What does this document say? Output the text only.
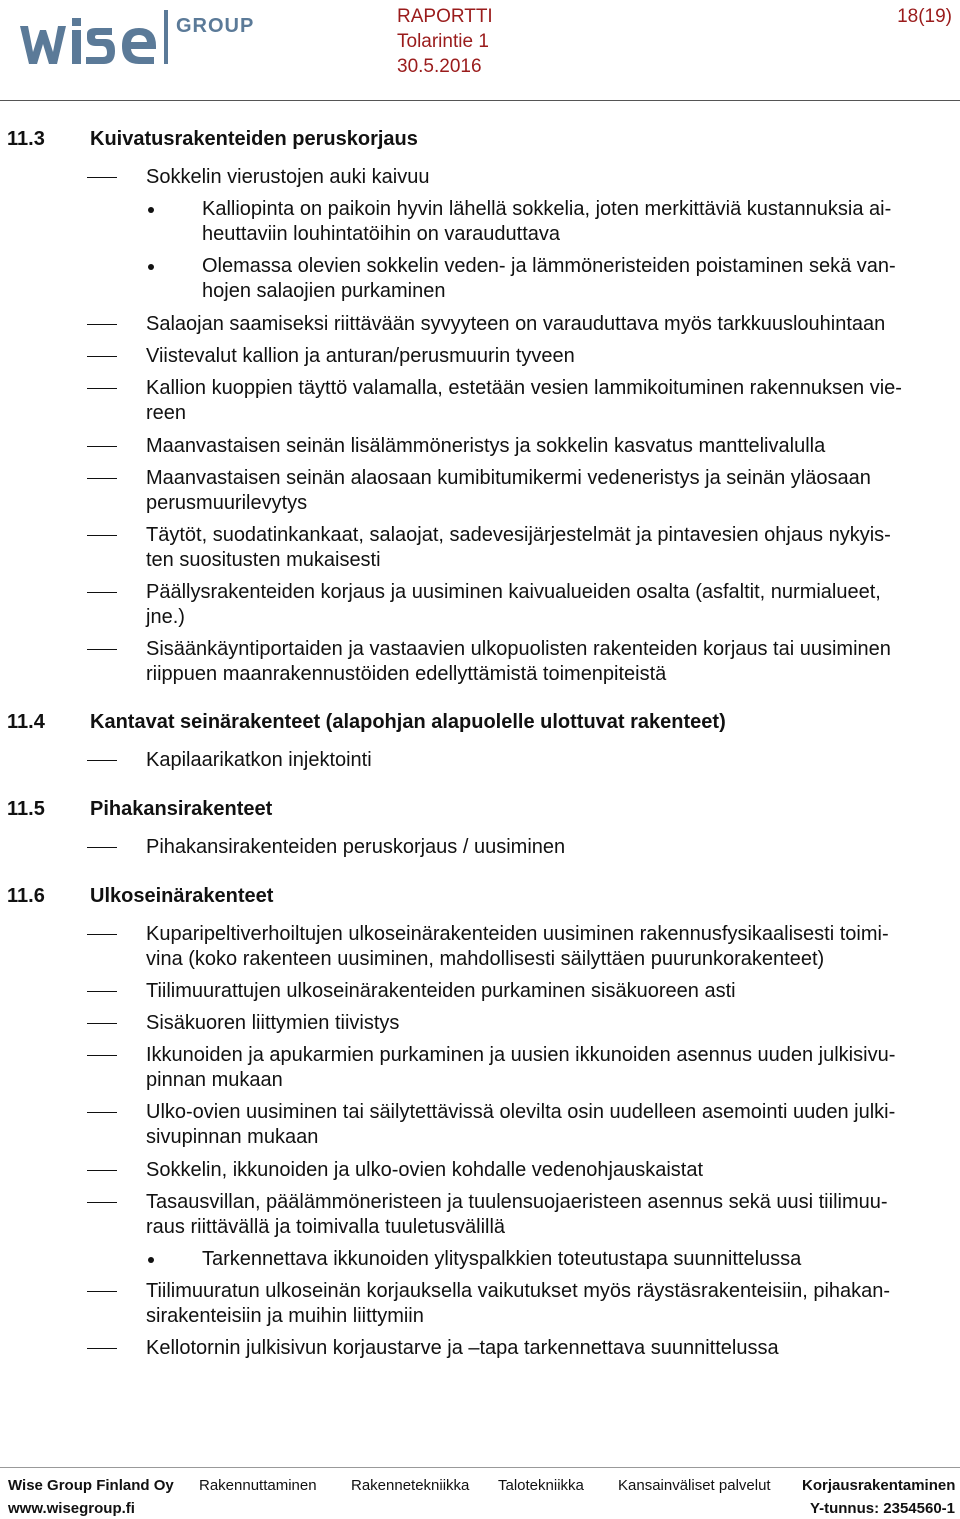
GROUP	RAPORTTI
Tolarintie 1
30.5.2016
18(19)
11.3 Kuivatusrakenteiden peruskorjaus
Sokkelin vierustojen auki kaivuu
Kalliopinta on paikoin hyvin lähellä sokkelia, joten merkittäviä kustannuksia ai-
heuttaviin louhintatöihin on varauduttava
Olemassa olevien sokkelin veden- ja lämmöneristeiden poistaminen sekä van-
hojen salaojien purkaminen
Salaojan saamiseksi riittävään syvyyteen on varauduttava myös tarkkuuslouhintaan
Viistevalut kallion ja anturan/perusmuurin tyveen
Kallion kuoppien täyttö valamalla, estetään vesien lammikoituminen rakennuksen vie-
reen
Maanvastaisen seinän lisälämmöneristys ja sokkelin kasvatus manttelivalulla
Maanvastaisen seinän alaosaan kumibitumikermi vedeneristys ja seinän yläosaan
perusmuurilevytys
Täytöt, suodatinkankaat, salaojat, sadevesijärjestelmät ja pintavesien ohjaus nykyis-
ten suositusten mukaisesti
Päällysrakenteiden korjaus ja uusiminen kaivualueiden osalta (asfaltit, nurmialueet,
jne.)
Sisäänkäyntiportaiden ja vastaavien ulkopuolisten rakenteiden korjaus tai uusiminen
riippuen maanrakennustöiden edellyttämistä toimenpiteistä
11.4 Kantavat seinärakenteet (alapohjan alapuolelle ulottuvat rakenteet)
Kapilaarikatkon injektointi
11.5 Pihakansirakenteet
Pihakansirakenteiden peruskorjaus / uusiminen
11.6 Ulkoseinärakenteet
Kuparipeltiverhoiltujen ulkoseinärakenteiden uusiminen rakennusfysikaalisesti toimi-
vina (koko rakenteen uusiminen, mahdollisesti säilyttäen puurunkorakenteet)
Tiilimuurattujen ulkoseinärakenteiden purkaminen sisäkuoreen asti
Sisäkuoren liittymien tiivistys
Ikkunoiden ja apukarmien purkaminen ja uusien ikkunoiden asennus uuden julkisivu-
pinnan mukaan
Ulko-ovien uusiminen tai säilytettävissä olevilta osin uudelleen asemointi uuden julki-
sivupinnan mukaan
Sokkelin, ikkunoiden ja ulko-ovien kohdalle vedenohjauskaistat
Tasausvillan, päälämmöneristeen ja tuulensuojaeristeen asennus sekä uusi tiilimuu-
raus riittävällä ja toimivalla tuuletusvälillä
Tarkennettava ikkunoiden ylityspalkkien toteutustapa suunnittelussa
Tiilimuuratun ulkoseinän korjauksella vaikutukset myös räystäsrakenteisiin, pihakan-
sirakenteisiin ja muihin liittymiin
Kellotornin julkisivun korjaustarve ja –tapa tarkennettava suunnittelussa
Wise Group Finland Oy Rakennuttaminen Rakennetekniikka Talotekniikka Kansainväliset palvelut Korjausrakentaminen
www.wisegroup.fi	Y-tunnus: 2354560-1
